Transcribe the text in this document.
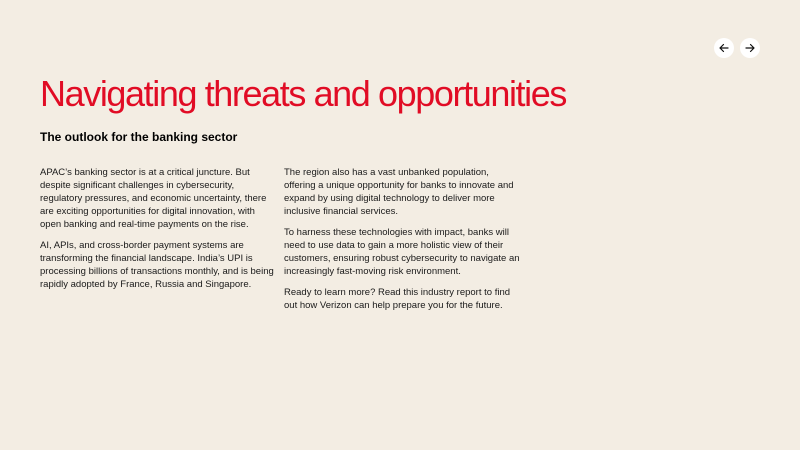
Navigating threats and opportunities
The outlook for the banking sector

APAC’s banking sector is at a critical juncture. But despite significant challenges in cybersecurity, regulatory pressures, and economic uncertainty, there are exciting opportunities for digital innovation, with open banking and real-time payments on the rise.

AI, APIs, and cross-border payment systems are transforming the financial landscape. India’s UPI is processing billions of transactions monthly, and is being rapidly adopted by France, Russia and Singapore.

The region also has a vast unbanked population, offering a unique opportunity for banks to innovate and expand by using digital technology to deliver more inclusive financial services.

To harness these technologies with impact, banks will need to use data to gain a more holistic view of their customers, ensuring robust cybersecurity to navigate an increasingly fast-moving risk environment.

Ready to learn more? Read this industry report to find out how Verizon can help prepare you for the future.
